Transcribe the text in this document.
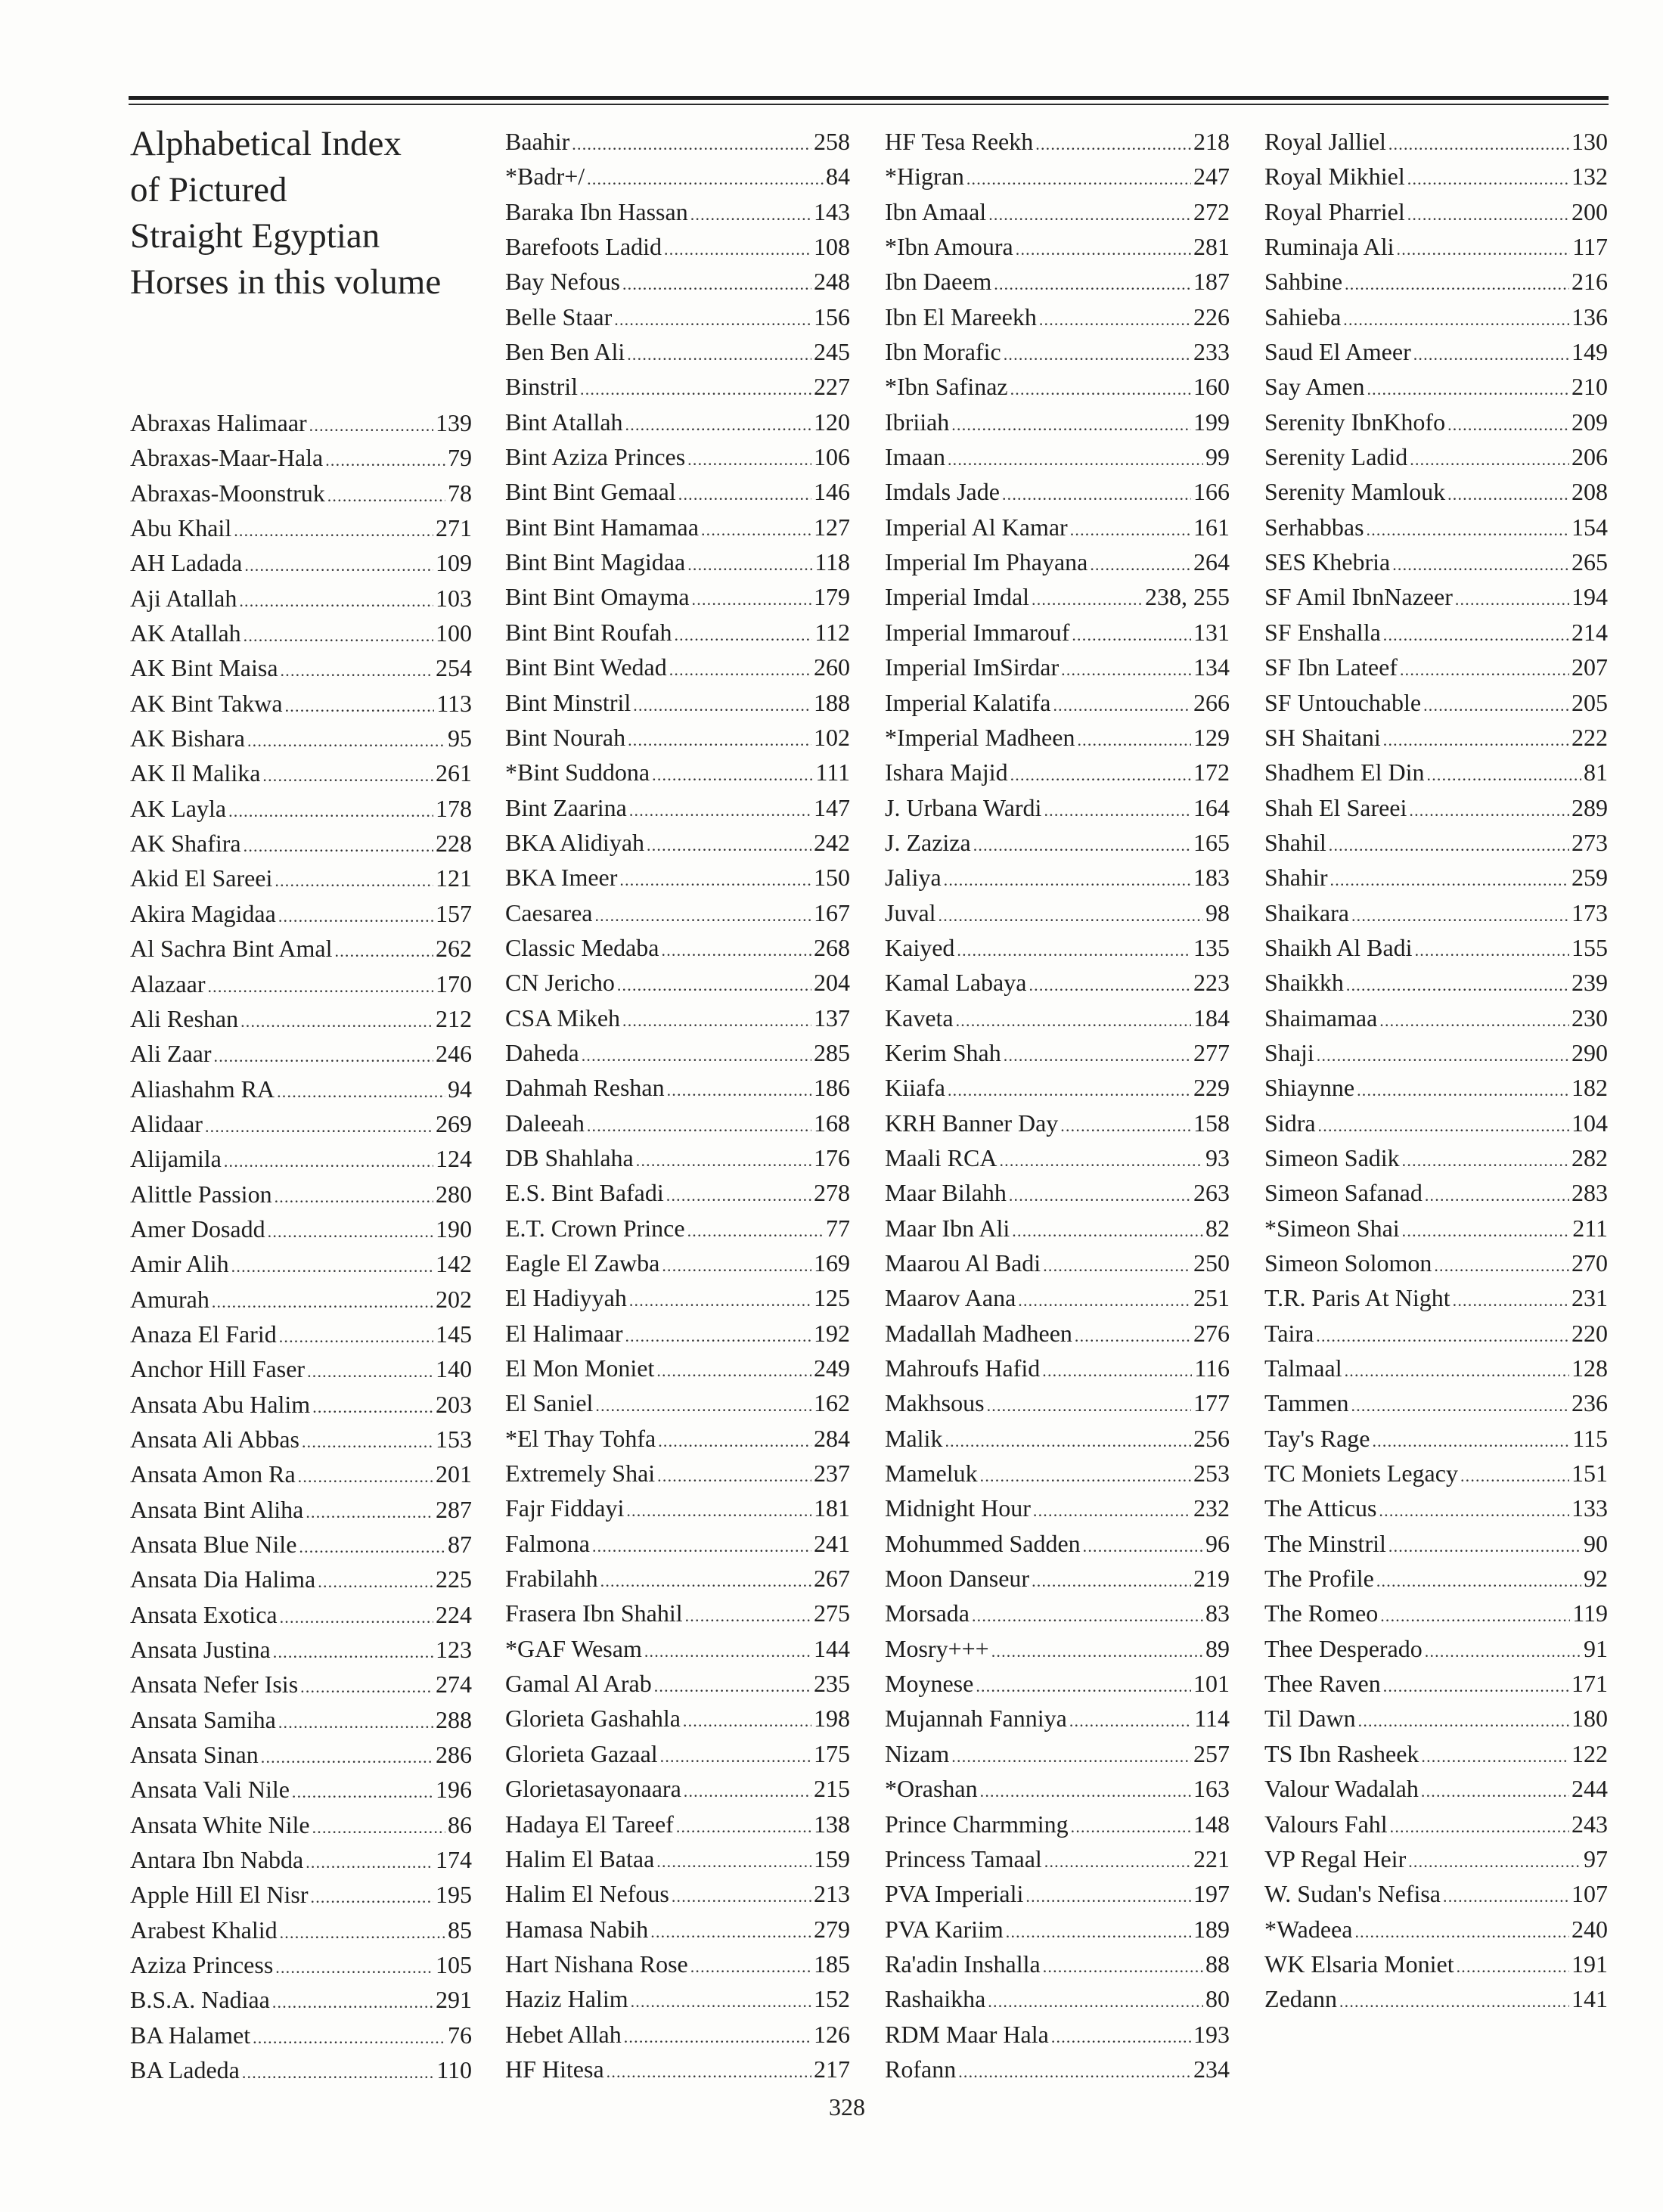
Alphabetical Index
of Pictured
Straight Egyptian
Horses in this volume
Abraxas Halimaar .....	139
Abraxas-Maar-Hala .....	79
Abraxas-Moonstruk .....	78
Abu Khail .....	271
AH Ladada .....	109
Aji Atallah .....	103
AK Atallah .....	100
AK Bint Maisa .....	254
AK Bint Takwa .....	113
AK Bishara .....	95
AK Il Malika .....	261
AK Layla .....	178
AK Shafira .....	228
Akid El Sareei .....	121
Akira Magidaa .....	157
Al Sachra Bint Amal .....	262
Alazaar .....	170
Ali Reshan .....	212
Ali Zaar .....	246
Aliashahm RA .....	94
Alidaar .....	269
Alijamila .....	124
Alittle Passion .....	280
Amer Dosadd .....	190
Amir Alih .....	142
Amurah .....	202
Anaza El Farid .....	145
Anchor Hill Faser .....	140
Ansata Abu Halim .....	203
Ansata Ali Abbas .....	153
Ansata Amon Ra .....	201
Ansata Bint Aliha .....	287
Ansata Blue Nile .....	87
Ansata Dia Halima .....	225
Ansata Exotica .....	224
Ansata Justina .....	123
Ansata Nefer Isis .....	274
Ansata Samiha .....	288
Ansata Sinan .....	286
Ansata Vali Nile .....	196
Ansata White Nile .....	86
Antara Ibn Nabda .....	174
Apple Hill El Nisr .....	195
Arabest Khalid .....	85
Aziza Princess .....	105
B.S.A. Nadiaa .....	291
BA Halamet .....	76
BA Ladeda .....	110
Baahir .....	258
*Badr+/ .....	84
Baraka Ibn Hassan .....	143
Barefoots Ladid .....	108
Bay Nefous .....	248
Belle Staar .....	156
Ben Ben Ali .....	245
Binstril .....	227
Bint Atallah .....	120
Bint Aziza Princes .....	106
Bint Bint Gemaal .....	146
Bint Bint Hamamaa .....	127
Bint Bint Magidaa .....	118
Bint Bint Omayma .....	179
Bint Bint Roufah .....	112
Bint Bint Wedad .....	260
Bint Minstril .....	188
Bint Nourah .....	102
*Bint Suddona .....	111
Bint Zaarina .....	147
BKA Alidiyah .....	242
BKA Imeer .....	150
Caesarea .....	167
Classic Medaba .....	268
CN Jericho .....	204
CSA Mikeh .....	137
Daheda .....	285
Dahmah Reshan .....	186
Daleeah .....	168
DB Shahlaha .....	176
E.S. Bint Bafadi .....	278
E.T. Crown Prince .....	77
Eagle El Zawba .....	169
El Hadiyyah .....	125
El Halimaar .....	192
El Mon Moniet .....	249
El Saniel .....	162
*El Thay Tohfa .....	284
Extremely Shai .....	237
Fajr Fiddayi .....	181
Falmona .....	241
Frabilahh .....	267
Frasera Ibn Shahil .....	275
*GAF Wesam .....	144
Gamal Al Arab .....	235
Glorieta Gashahla .....	198
Glorieta Gazaal .....	175
Glorietasayonaara .....	215
Hadaya El Tareef .....	138
Halim El Bataa .....	159
Halim El Nefous .....	213
Hamasa Nabih .....	279
Hart Nishana Rose .....	185
Haziz Halim .....	152
Hebet Allah .....	126
HF Hitesa .....	217
HF Tesa Reekh .....	218
*Higran .....	247
Ibn Amaal .....	272
*Ibn Amoura .....	281
Ibn Daeem .....	187
Ibn El Mareekh .....	226
Ibn Morafic .....	233
*Ibn Safinaz .....	160
Ibriiah .....	199
Imaan .....	99
Imdals Jade .....	166
Imperial Al Kamar .....	161
Imperial Im Phayana .....	264
Imperial Imdal .....	238, 255
Imperial Immarouf .....	131
Imperial ImSirdar .....	134
Imperial Kalatifa .....	266
*Imperial Madheen .....	129
Ishara Majid .....	172
J. Urbana Wardi .....	164
J. Zaziza .....	165
Jaliya .....	183
Juval .....	98
Kaiyed .....	135
Kamal Labaya .....	223
Kaveta .....	184
Kerim Shah .....	277
Kiiafa .....	229
KRH Banner Day .....	158
Maali RCA .....	93
Maar Bilahh .....	263
Maar Ibn Ali .....	82
Maarou Al Badi .....	250
Maarov Aana .....	251
Madallah Madheen .....	276
Mahroufs Hafid .....	116
Makhsous .....	177
Malik .....	256
Mameluk .....	253
Midnight Hour .....	232
Mohummed Sadden .....	96
Moon Danseur .....	219
Morsada .....	83
Mosry+++ .....	89
Moynese .....	101
Mujannah Fanniya .....	114
Nizam .....	257
*Orashan .....	163
Prince Charmming .....	148
Princess Tamaal .....	221
PVA Imperiali .....	197
PVA Kariim .....	189
Ra'adin Inshalla .....	88
Rashaikha .....	80
RDM Maar Hala .....	193
Rofann .....	234
Royal Jalliel .....	130
Royal Mikhiel .....	132
Royal Pharriel .....	200
Ruminaja Ali .....	117
Sahbine .....	216
Sahieba .....	136
Saud El Ameer .....	149
Say Amen .....	210
Serenity IbnKhofo .....	209
Serenity Ladid .....	206
Serenity Mamlouk .....	208
Serhabbas .....	154
SES Khebria .....	265
SF Amil IbnNazeer .....	194
SF Enshalla .....	214
SF Ibn Lateef .....	207
SF Untouchable .....	205
SH Shaitani .....	222
Shadhem El Din .....	81
Shah El Sareei .....	289
Shahil .....	273
Shahir .....	259
Shaikara .....	173
Shaikh Al Badi .....	155
Shaikkh .....	239
Shaimamaa .....	230
Shaji .....	290
Shiaynne .....	182
Sidra .....	104
Simeon Sadik .....	282
Simeon Safanad .....	283
*Simeon Shai .....	211
Simeon Solomon .....	270
T.R. Paris At Night .....	231
Taira .....	220
Talmaal .....	128
Tammen .....	236
Tay's Rage .....	115
TC Moniets Legacy .....	151
The Atticus .....	133
The Minstril .....	90
The Profile .....	92
The Romeo .....	119
Thee Desperado .....	91
Thee Raven .....	171
Til Dawn .....	180
TS Ibn Rasheek .....	122
Valour Wadalah .....	244
Valours Fahl .....	243
VP Regal Heir .....	97
W. Sudan's Nefisa .....	107
*Wadeea .....	240
WK Elsaria Moniet .....	191
Zedann .....	141
328
